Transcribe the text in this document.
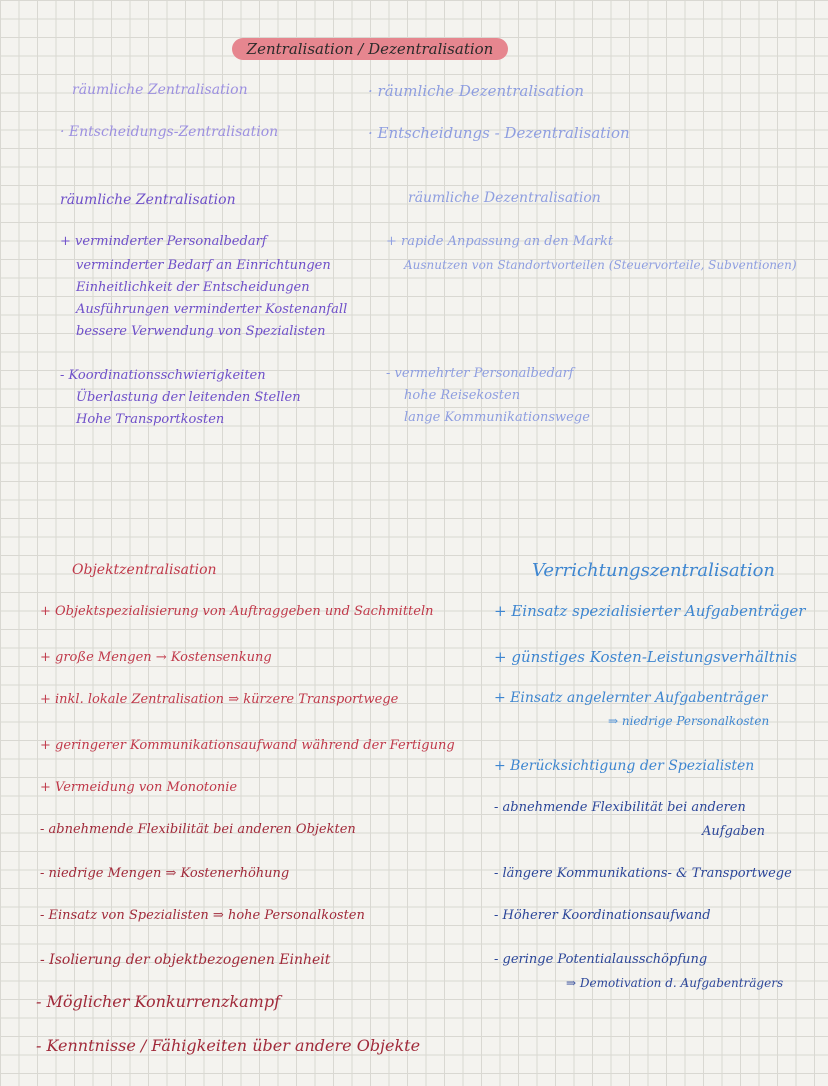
Zentralisation / Dezentralisation
räumliche Zentralisation
· Entscheidungs-Zentralisation
· räumliche Dezentralisation
· Entscheidungs - Dezentralisation
räumliche Zentralisation
+ verminderter Personalbedarf
verminderter Bedarf an Einrichtungen
Einheitlichkeit der Entscheidungen
Ausführungen verminderter Kostenanfall
bessere Verwendung von Spezialisten
- Koordinationsschwierigkeiten
Überlastung der leitenden Stellen
Hohe Transportkosten
räumliche Dezentralisation
+ rapide Anpassung an den Markt
Ausnutzen von Standortvorteilen (Steuervorteile, Subventionen)
- vermehrter Personalbedarf
hohe Reisekosten
lange Kommunikationswege
Objektzentralisation
+ Objektspezialisierung von Auftraggeben und Sachmitteln
+ große Mengen → Kostensenkung
+ inkl. lokale Zentralisation ⇒ kürzere Transportwege
+ geringerer Kommunikationsaufwand während der Fertigung
+ Vermeidung von Monotonie
- abnehmende Flexibilität bei anderen Objekten
- niedrige Mengen ⇒ Kostenerhöhung
- Einsatz von Spezialisten ⇒ hohe Personalkosten
- Isolierung der objektbezogenen Einheit
- Möglicher Konkurrenzkampf
- Kenntnisse / Fähigkeiten über andere Objekte
Verrichtungszentralisation
+ Einsatz spezialisierter Aufgabenträger
+ günstiges Kosten-Leistungsverhältnis
+ Einsatz angelernter Aufgabenträger
⇒ niedrige Personalkosten
+ Berücksichtigung der Spezialisten
- abnehmende Flexibilität bei anderen
Aufgaben
- längere Kommunikations- & Transportwege
- Höherer Koordinationsaufwand
- geringe Potentialausschöpfung
⇒ Demotivation d. Aufgabenträgers
